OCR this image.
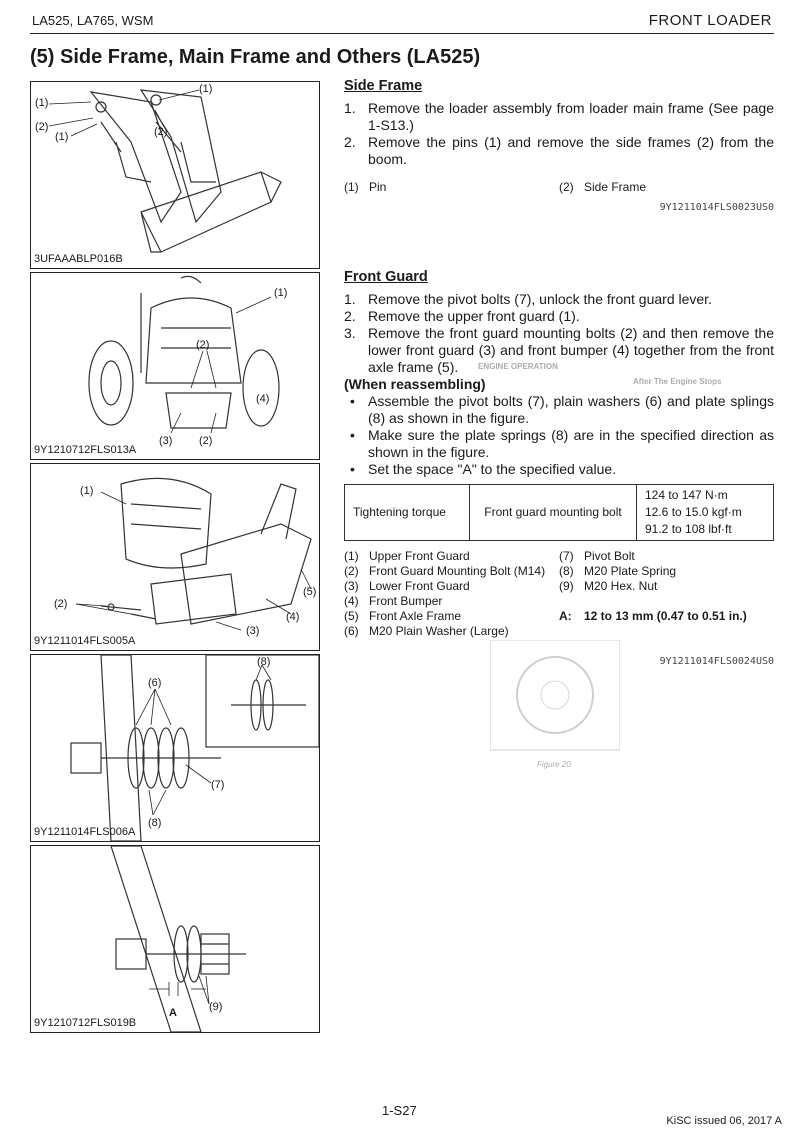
LA525, LA765, WSM	FRONT LOADER
(5) Side Frame, Main Frame and Others (LA525)
(1)
(2)
(1)
(1)
(2)
3UFAAABLP016B
(1)
(2)
(4)
(3) (2)
9Y1210712FLS013A
(1)
(5)
(4)
(2)
(3)
9Y1211014FLS005A
(6)
(7)
(8)
(8)
9Y1211014FLS006A
(9)
A
9Y1210712FLS019B
ENGINE OPERATION
After The Engine Stops
Figure 20
Side Frame
1. Remove the loader assembly from loader main frame (See page 1-S13.)
2. Remove the pins (1) and remove the side frames (2) from the boom.
(1) Pin	(2) Side Frame
9Y1211014FLS0023US0
Front Guard
1. Remove the pivot bolts (7), unlock the front guard lever.
2. Remove the upper front guard (1).
3. Remove the front guard mounting bolts (2) and then remove the lower front guard (3) and front bumper (4) together from the front axle frame (5).
(When reassembling)
• Assemble the pivot bolts (7), plain washers (6) and plate splings (8) as shown in the figure.
• Make sure the plate springs (8) are in the specified direction as shown in the figure.
• Set the space "A" to the specified value.
Tightening torque	Front guard mounting bolt	
124 to 147 N·m
12.6 to 15.0 kgf·m
91.2 to 108 lbf·ft
(1) Upper Front Guard	(7) Pivot Bolt
(2) Front Guard Mounting Bolt (M14) (8) M20 Plate Spring
(3) Lower Front Guard	(9) M20 Hex. Nut
(4) Front Bumper
(5) Front Axle Frame	A:	12 to 13 mm (0.47 to 0.51 in.)
(6) M20 Plain Washer (Large)
9Y1211014FLS0024US0
1-S27
KiSC issued 06, 2017 A
